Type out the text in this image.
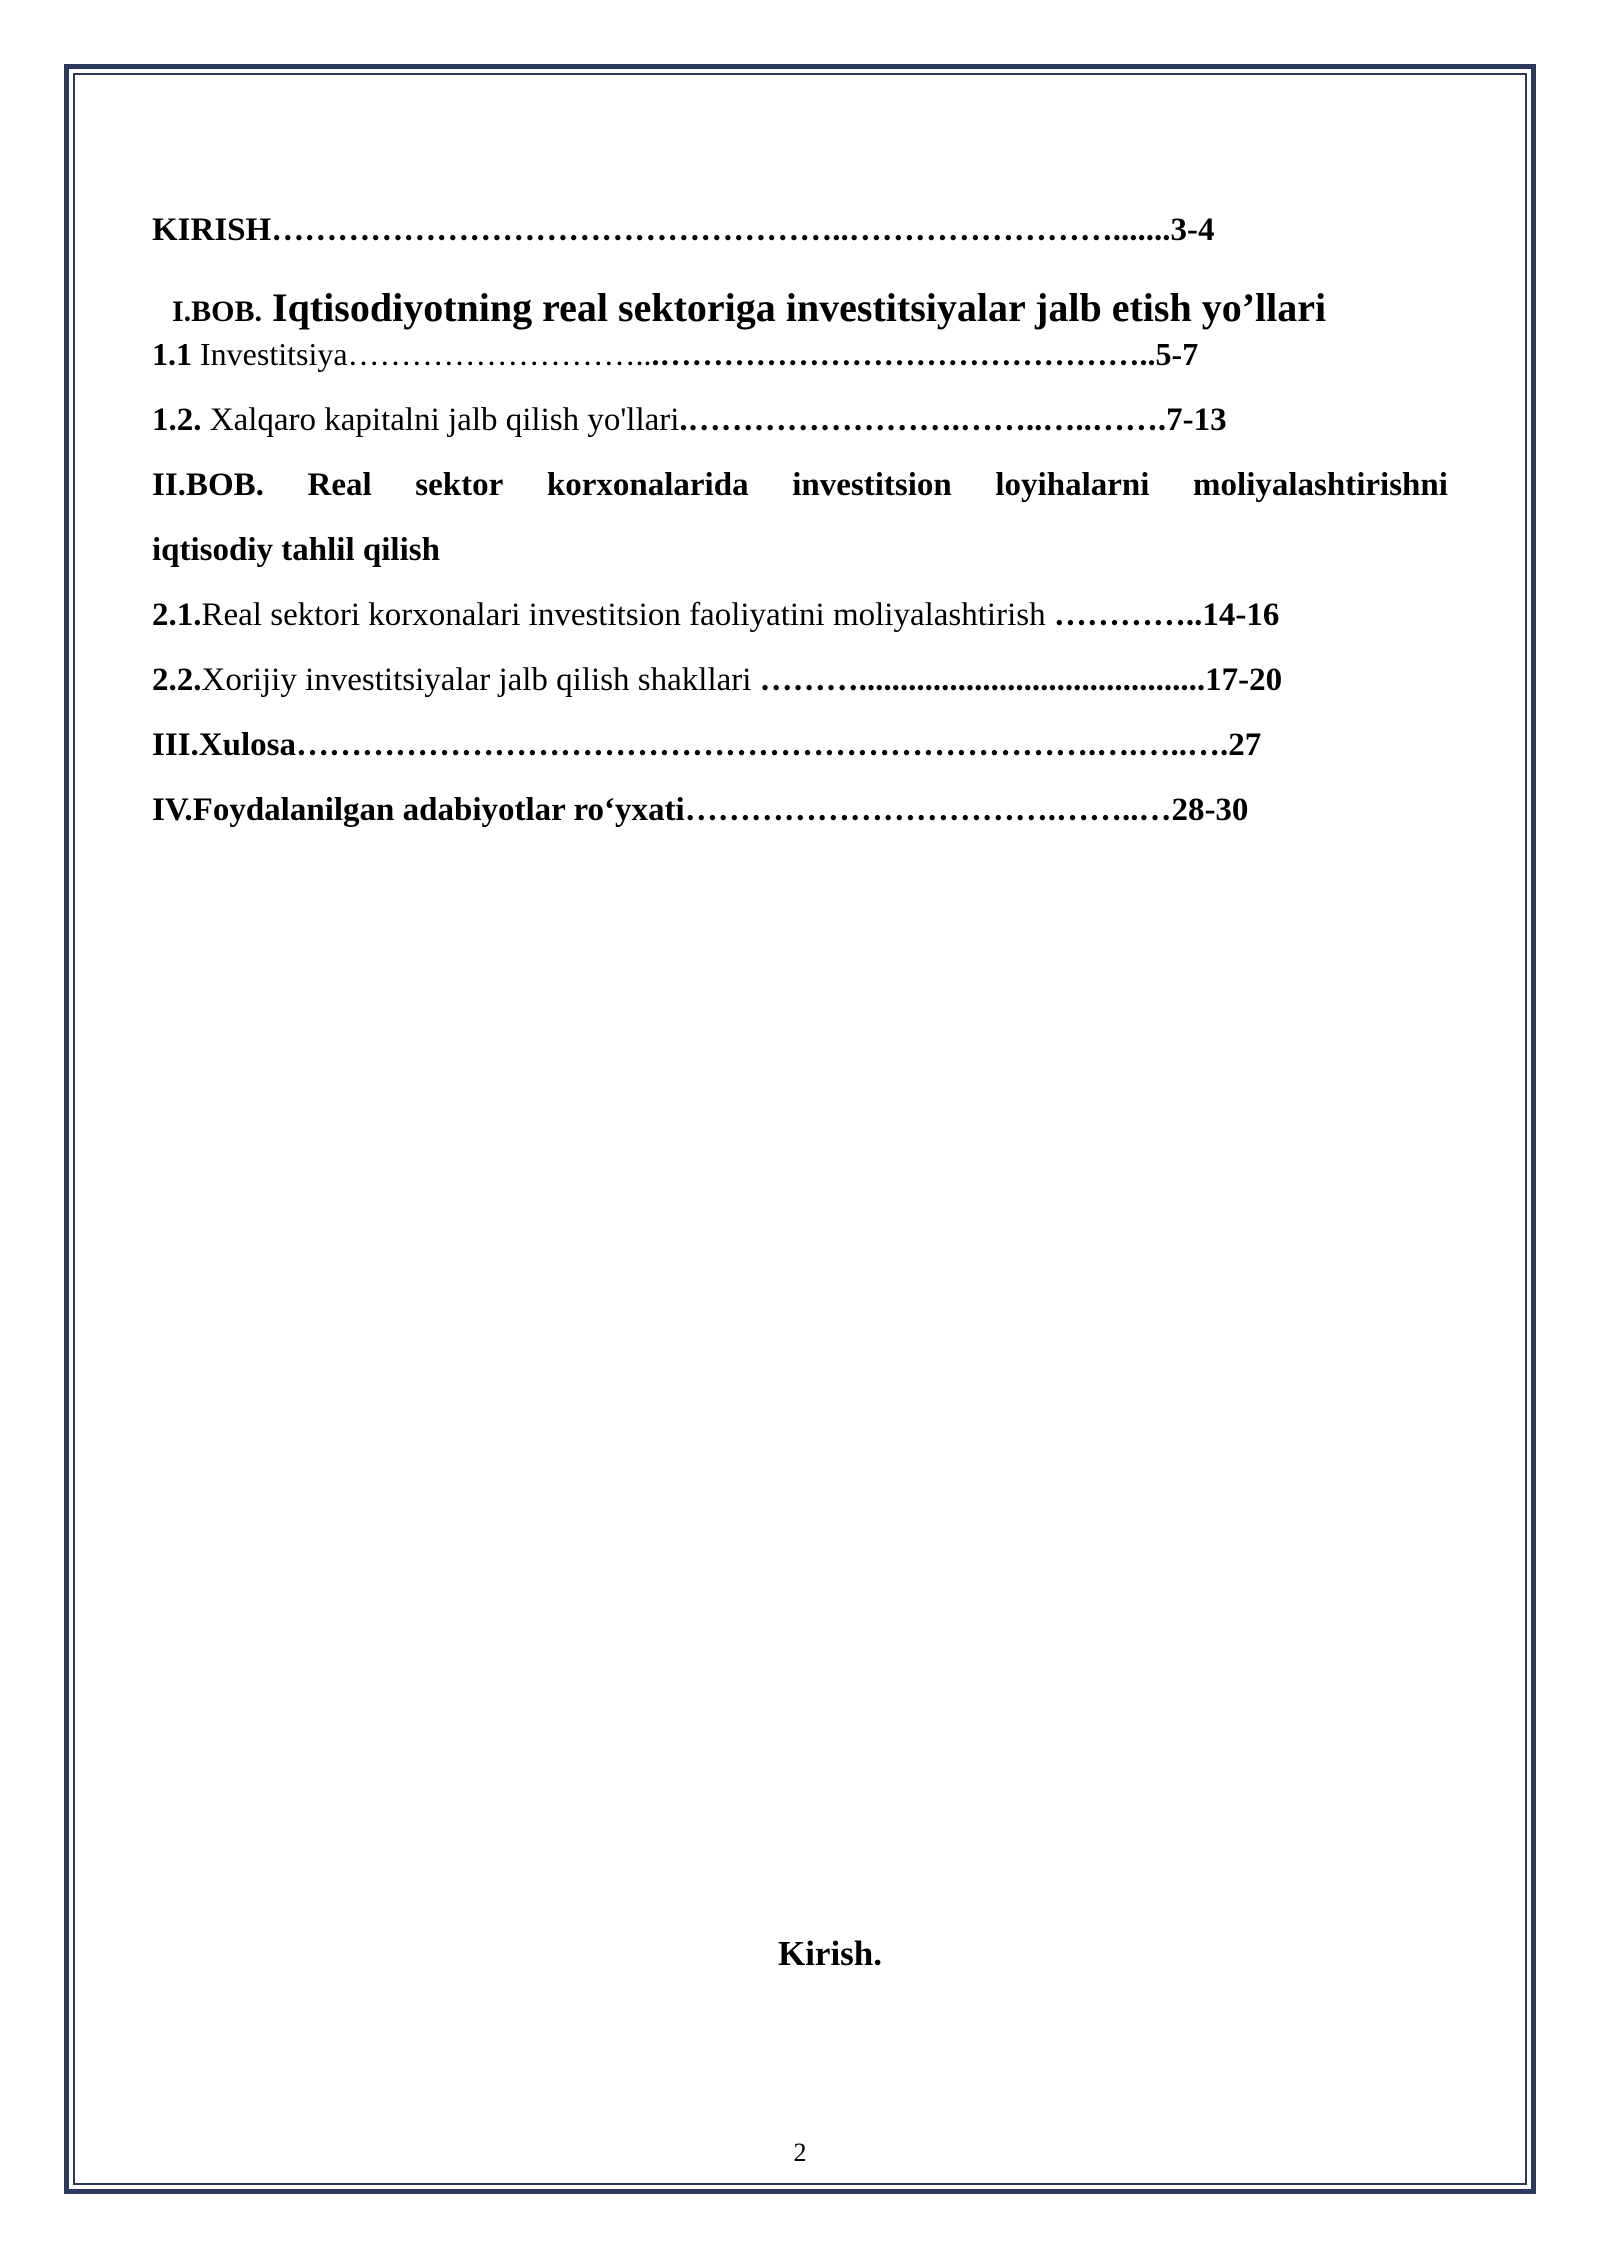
KIRISH……………………………………………..…………………….......3-4
I.BOB. Iqtisodiyotning real sektoriga investitsiyalar jalb etish yo’llari
1.1 Investitsiya………………………...………………………………………..5-7
1.2. Xalqaro kapitalni jalb qilish yo'llari.…………………….……..…..…….7-13
II.BOB. Real sektor korxonalarida investitsion loyihalarni moliyalashtirishni
iqtisodiy tahlil qilish
2.1.Real sektori korxonalari investitsion faoliyatini moliyalashtirish …………..14-16
2.2.Xorijiy investitsiyalar jalb qilish shakllari ………..........................................17-20
III.Xulosa……………………………………………………………….….…..….27
IV.Foydalanilgan adabiyotlar ro‘yxati…………………………….……..…28-30
Kirish.
2
